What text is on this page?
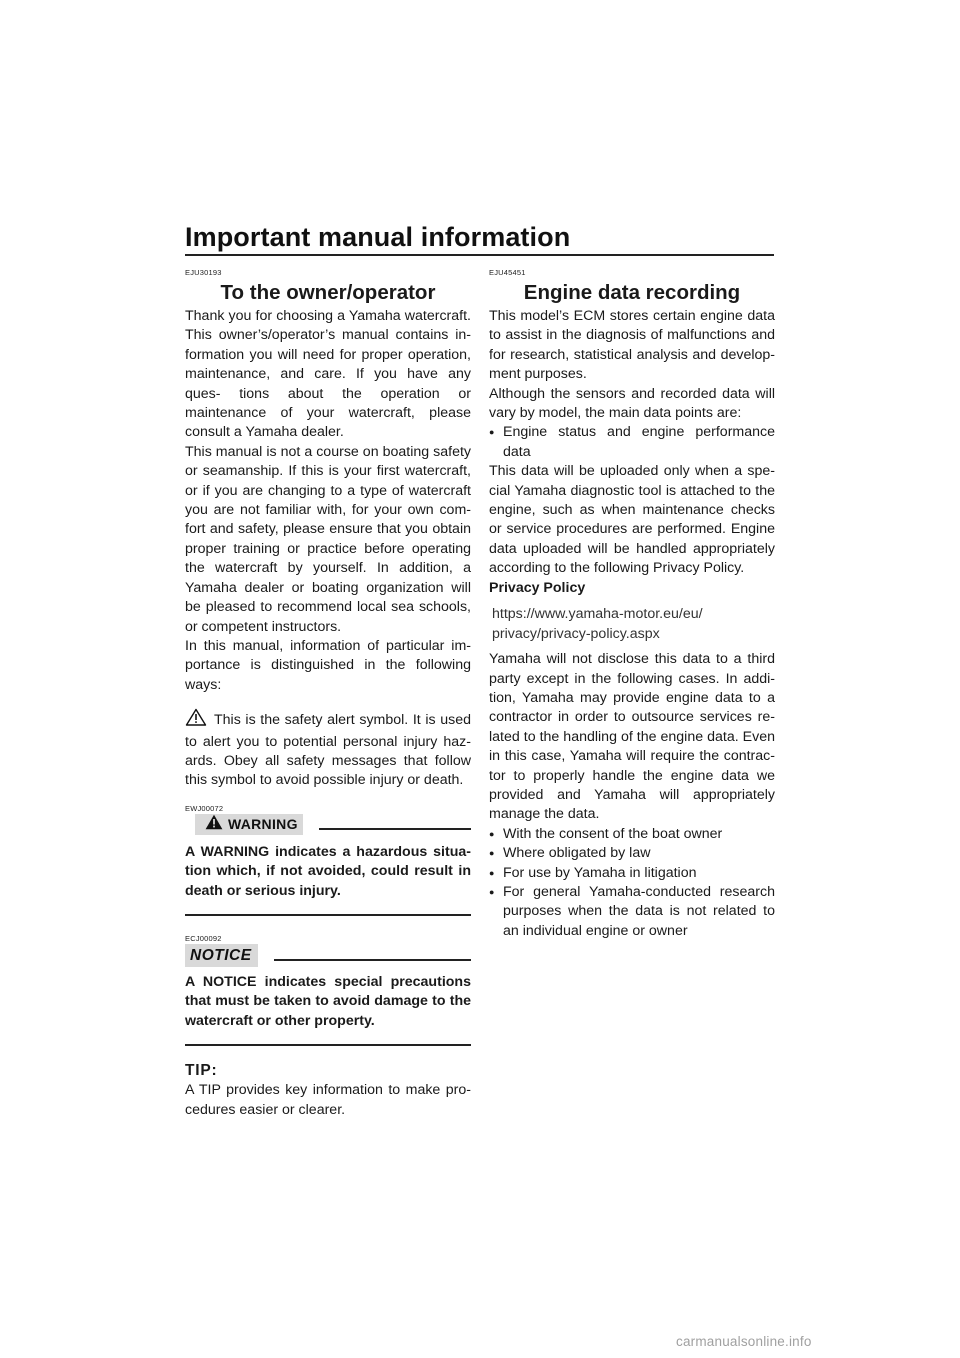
Important manual information
EJU30193
To the owner/operator

Thank you for choosing a Yamaha watercraft. This owner’s/operator’s manual contains in- formation you will need for proper operation, maintenance, and care. If you have any ques- tions about the operation or maintenance of your watercraft, please consult a Yamaha dealer.

This manual is not a course on boating safety or seamanship. If this is your first watercraft, or if you are changing to a type of watercraft you are not familiar with, for your own com- fort and safety, please ensure that you obtain proper training or practice before operating the watercraft by yourself. In addition, a Yamaha dealer or boating organization will be pleased to recommend local sea schools, or competent instructors.

In this manual, information of particular im- portance is distinguished in the following ways:

This is the safety alert symbol. It is used to alert you to potential personal injury haz- ards. Obey all safety messages that follow this symbol to avoid possible injury or death.

EWJ00072
WARNING

A WARNING indicates a hazardous situa- tion which, if not avoided, could result in death or serious injury.

ECJ00092
NOTICE

A NOTICE indicates special precautions that must be taken to avoid damage to the watercraft or other property.

TIP:

A TIP provides key information to make pro- cedures easier or clearer.

EJU45451
Engine data recording

This model’s ECM stores certain engine data to assist in the diagnosis of malfunctions and for research, statistical analysis and develop- ment purposes.

Although the sensors and recorded data will vary by model, the main data points are:

● Engine status and engine performance data

This data will be uploaded only when a spe- cial Yamaha diagnostic tool is attached to the engine, such as when maintenance checks or service procedures are performed. Engine data uploaded will be handled appropriately according to the following Privacy Policy.

Privacy Policy

https://www.yamaha-motor.eu/eu/
privacy/privacy-policy.aspx

Yamaha will not disclose this data to a third party except in the following cases. In addi- tion, Yamaha may provide engine data to a contractor in order to outsource services re- lated to the handling of the engine data. Even in this case, Yamaha will require the contrac- tor to properly handle the engine data we provided and Yamaha will appropriately manage the data.

● With the consent of the boat owner
● Where obligated by law
● For use by Yamaha in litigation
● For general Yamaha-conducted research purposes when the data is not related to an individual engine or owner
carmanualsonline.info
